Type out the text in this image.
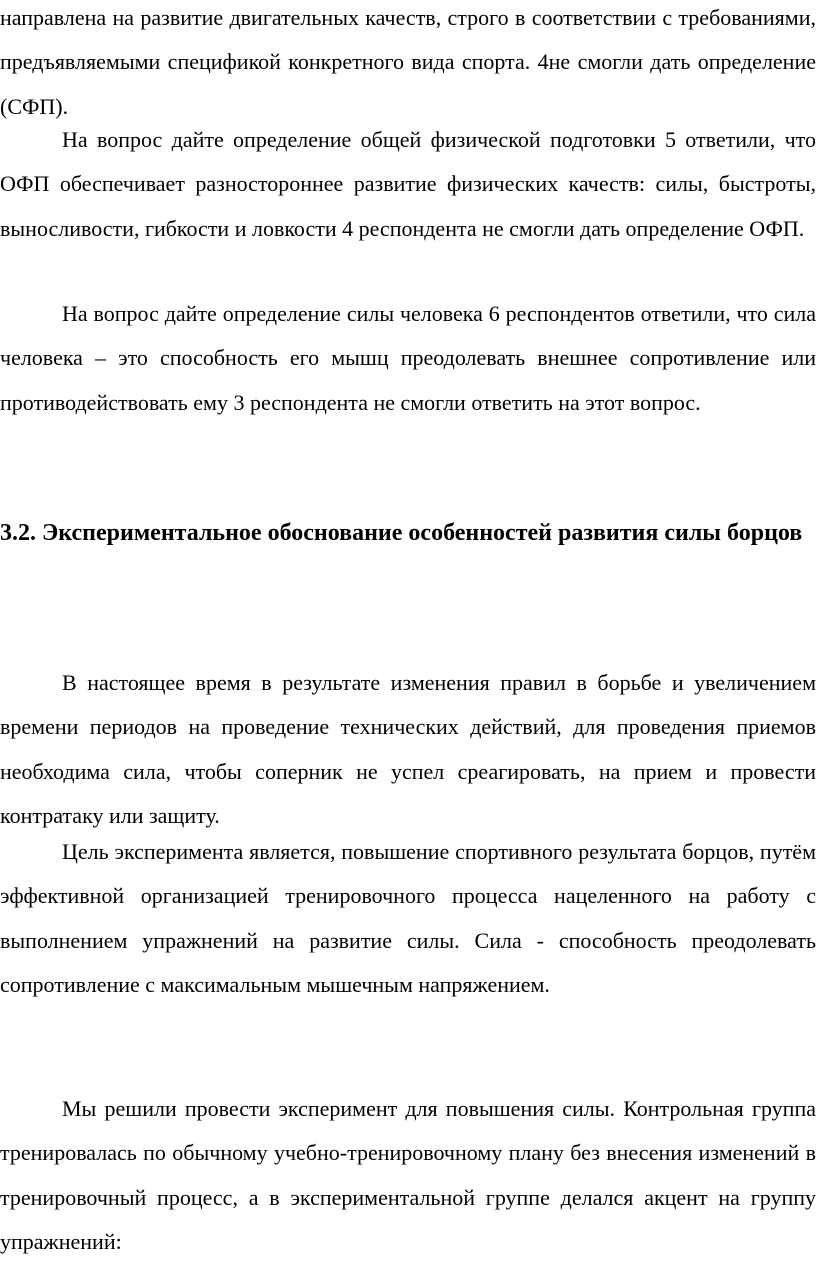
направлена на развитие двигательных качеств, строго в соответствии с требованиями, предъявляемыми спецификой конкретного вида спорта. 4не смогли дать определение (СФП).

На вопрос дайте определение общей физической подготовки 5 ответили, что ОФП обеспечивает разностороннее развитие физических качеств: силы, быстроты, выносливости, гибкости и ловкости 4 респондента не смогли дать определение ОФП.

На вопрос дайте определение силы человека 6 респондентов ответили, что сила человека – это способность его мышц преодолевать внешнее сопротивление или противодействовать ему 3 респондента не смогли ответить на этот вопрос.

3.2. Экспериментальное обоснование особенностей развития силы борцов

В настоящее время в результате изменения правил в борьбе и увеличением времени периодов на проведение технических действий, для проведения приемов необходима сила, чтобы соперник не успел среагировать, на прием и провести контратаку или защиту.

Цель эксперимента является, повышение спортивного результата борцов, путём эффективной организацией тренировочного процесса нацеленного на работу с выполнением упражнений на развитие силы. Сила - способность преодолевать сопротивление с максимальным мышечным напряжением.

Мы решили провести эксперимент для повышения силы. Контрольная группа тренировалась по обычному учебно-тренировочному плану без внесения изменений в тренировочный процесс, а в экспериментальной группе делался акцент на группу упражнений:
